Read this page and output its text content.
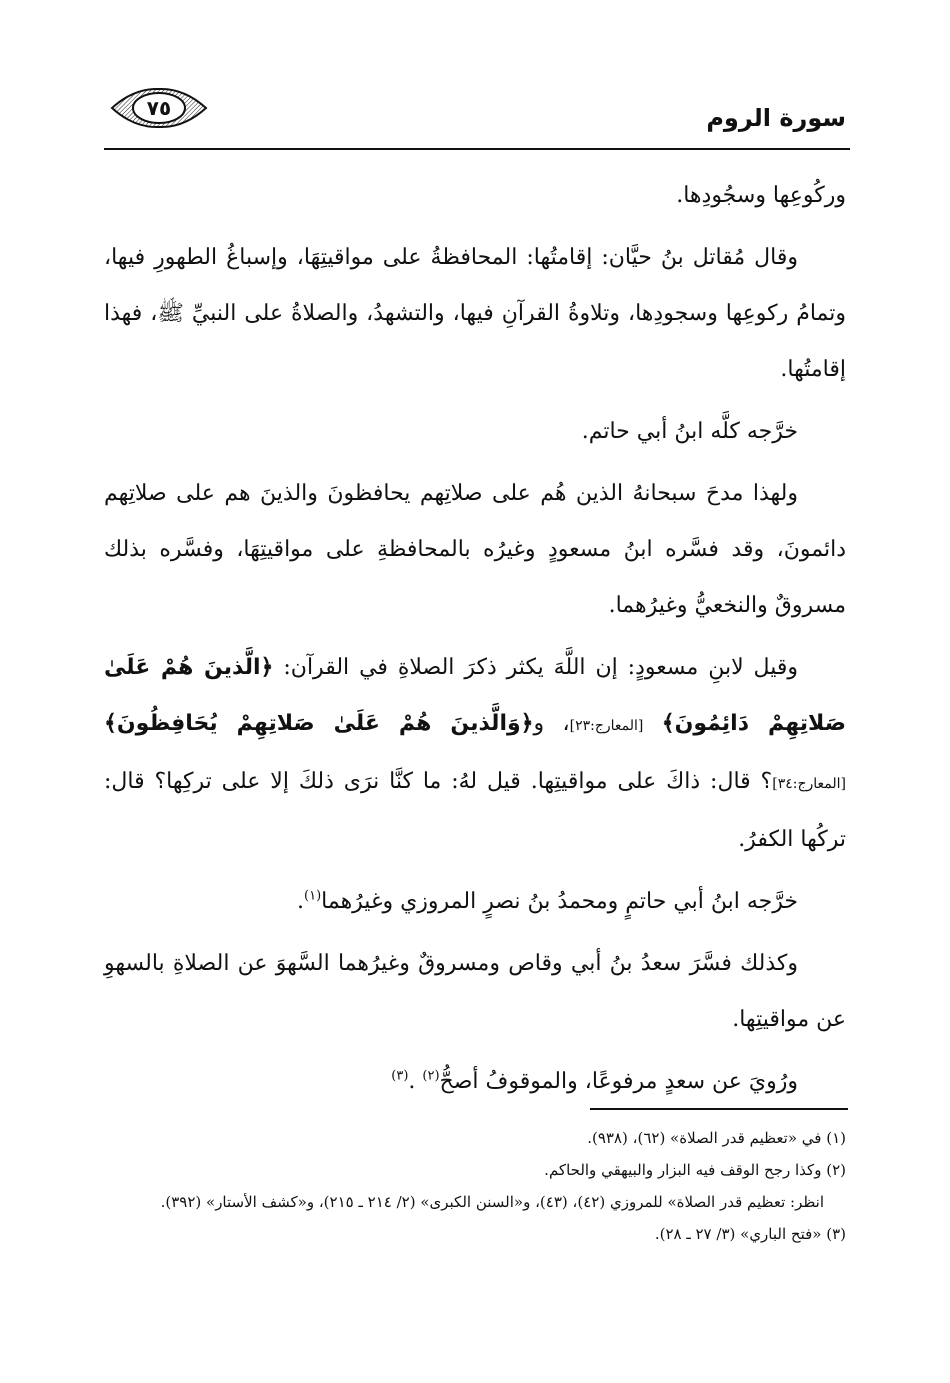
٧٥	سورة الروم

وركُوعِها وسجُودِها.

وقال مُقاتل بنُ حيَّان: إقامتُها: المحافظةُ على مواقيتِهَا، وإسباغُ الطهورِ فيها، وتمامُ ركوعِها وسجودِها، وتلاوةُ القرآنِ فيها، والتشهدُ، والصلاةُ على النبيِّ ﷺ، فهذا إقامتُها.

خرَّجه كلَّه ابنُ أبي حاتم.

ولهذا مدحَ سبحانهُ الذين هُم على صلاتِهم يحافظونَ والذينَ هم على صلاتِهم دائمونَ، وقد فسَّره ابنُ مسعودٍ وغيرُه بالمحافظةِ على مواقيتِهَا، وفسَّره بذلك مسروقٌ والنخعيُّ وغيرُهما.

وقيل لابنِ مسعودٍ: إن اللَّهَ يكثر ذكرَ الصلاةِ في القرآن: ﴿الَّذينَ هُمْ عَلَىٰ صَلاتِهِمْ دَائِمُونَ﴾ [المعارج:٢٣]، و﴿وَالَّذينَ هُمْ عَلَىٰ صَلاتِهِمْ يُحَافِظُونَ﴾ [المعارج:٣٤]؟ قال: ذاكَ على مواقيتِها. قيل لهُ: ما كنَّا نرَى ذلكَ إلا على تركِها؟ قال: تركُها الكفرُ.

خرَّجه ابنُ أبي حاتمٍ ومحمدُ بنُ نصرٍ المروزي وغيرُهما$^{(١)}$.

وكذلك فسَّرَ سعدُ بنُ أبي وقاص ومسروقٌ وغيرُهما السَّهوَ عن الصلاةِ بالسهوِ عن مواقيتِها.

ورُويَ عن سعدٍ مرفوعًا، والموقوفُ أصحُّ$^{(٢)}$ .$^{(٣)}$

(١) في «تعظيم قدر الصلاة» (٦٢)، (٩٣٨).

(٢) وكذا رجح الوقف فيه البزار والبيهقي والحاكم.

انظر: تعظيم قدر الصلاة» للمروزي (٤٢)، (٤٣)، و«السنن الكبرى» (٢/ ٢١٤ ـ ٢١٥)، و«كشف الأستار» (٣٩٢).

(٣) «فتح الباري» (٣/ ٢٧ ـ ٢٨).
